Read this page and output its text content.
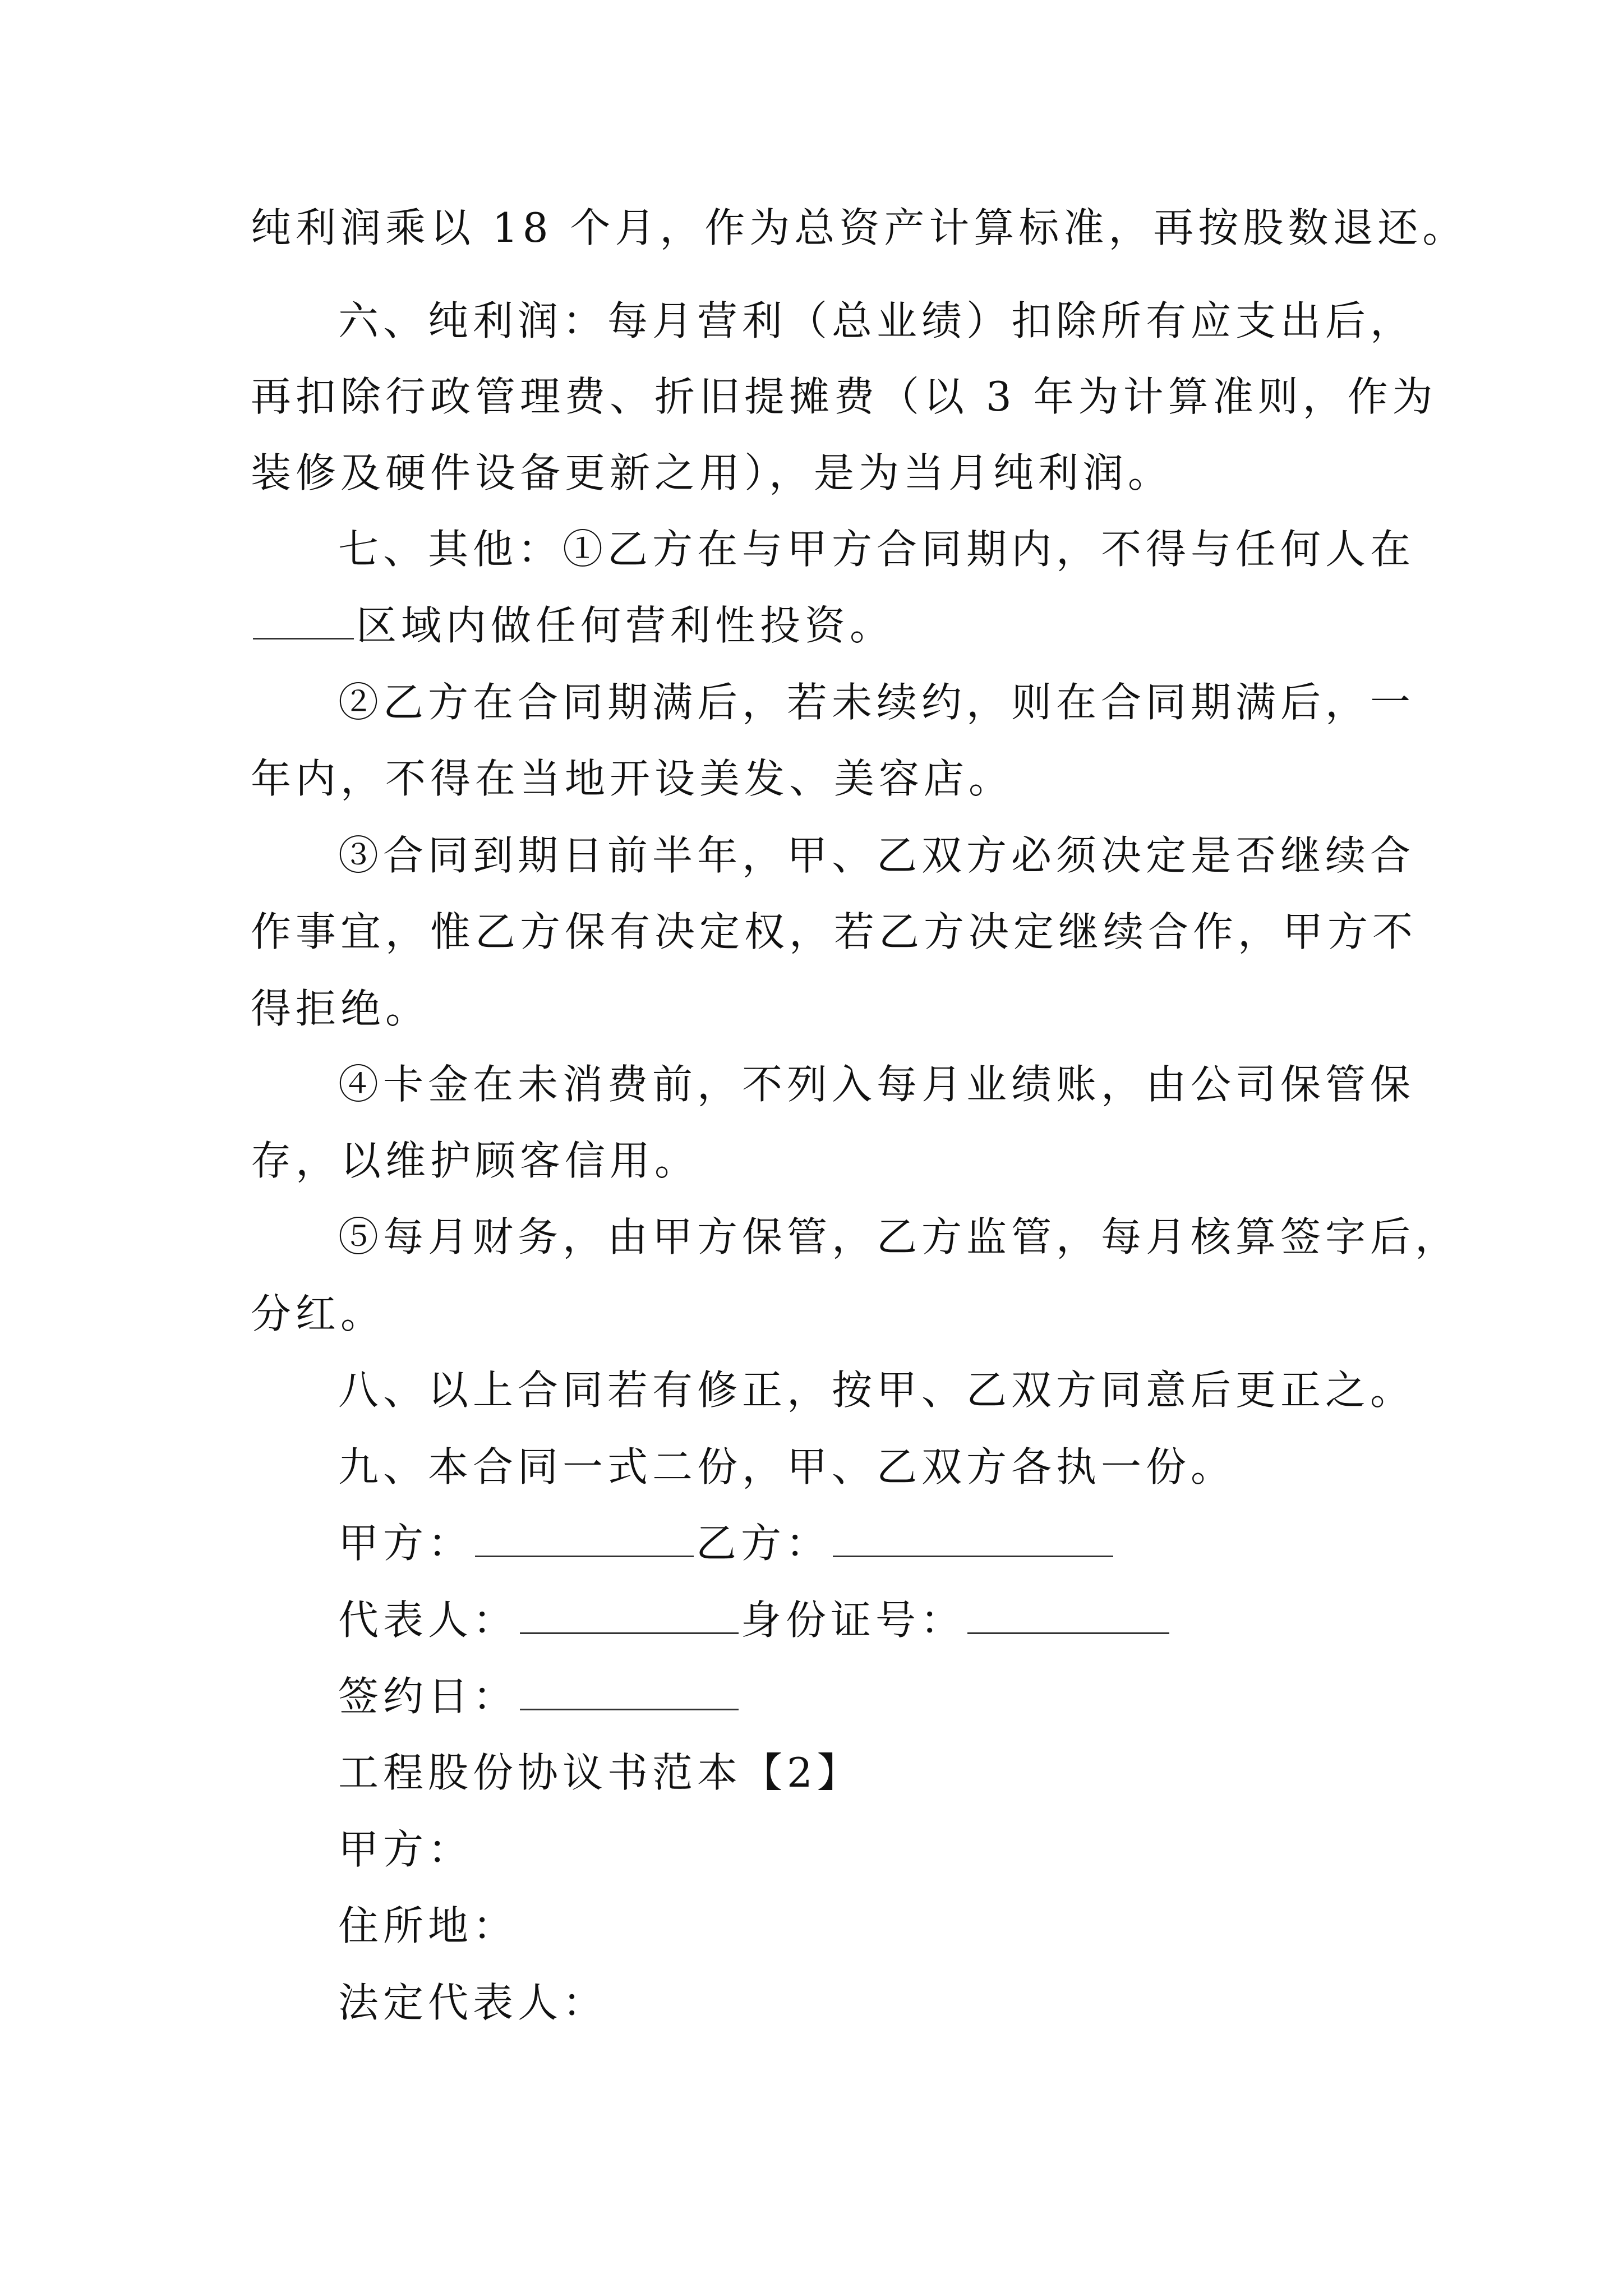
纯利润乘以 18 个月，作为总资产计算标准，再按股数退还。
六、纯利润：每月营利（总业绩）扣除所有应支出后，
再扣除行政管理费、折旧提摊费（以 3 年为计算准则，作为
装修及硬件设备更新之用），是为当月纯利润。
七、其他：①乙方在与甲方合同期内，不得与任何人在
区域内做任何营利性投资。
②乙方在合同期满后，若未续约，则在合同期满后，一
年内，不得在当地开设美发、美容店。
③合同到期日前半年，甲、乙双方必须决定是否继续合
作事宜，惟乙方保有决定权，若乙方决定继续合作，甲方不
得拒绝。
④卡金在未消费前，不列入每月业绩账，由公司保管保
存，以维护顾客信用。
⑤每月财务，由甲方保管，乙方监管，每月核算签字后，
分红。
八、以上合同若有修正，按甲、乙双方同意后更正之。
九、本合同一式二份，甲、乙双方各执一份。
甲方：	乙方：
代表人：	身份证号：
签约日：
工程股份协议书范本【2】
甲方：
住所地：
法定代表人：
